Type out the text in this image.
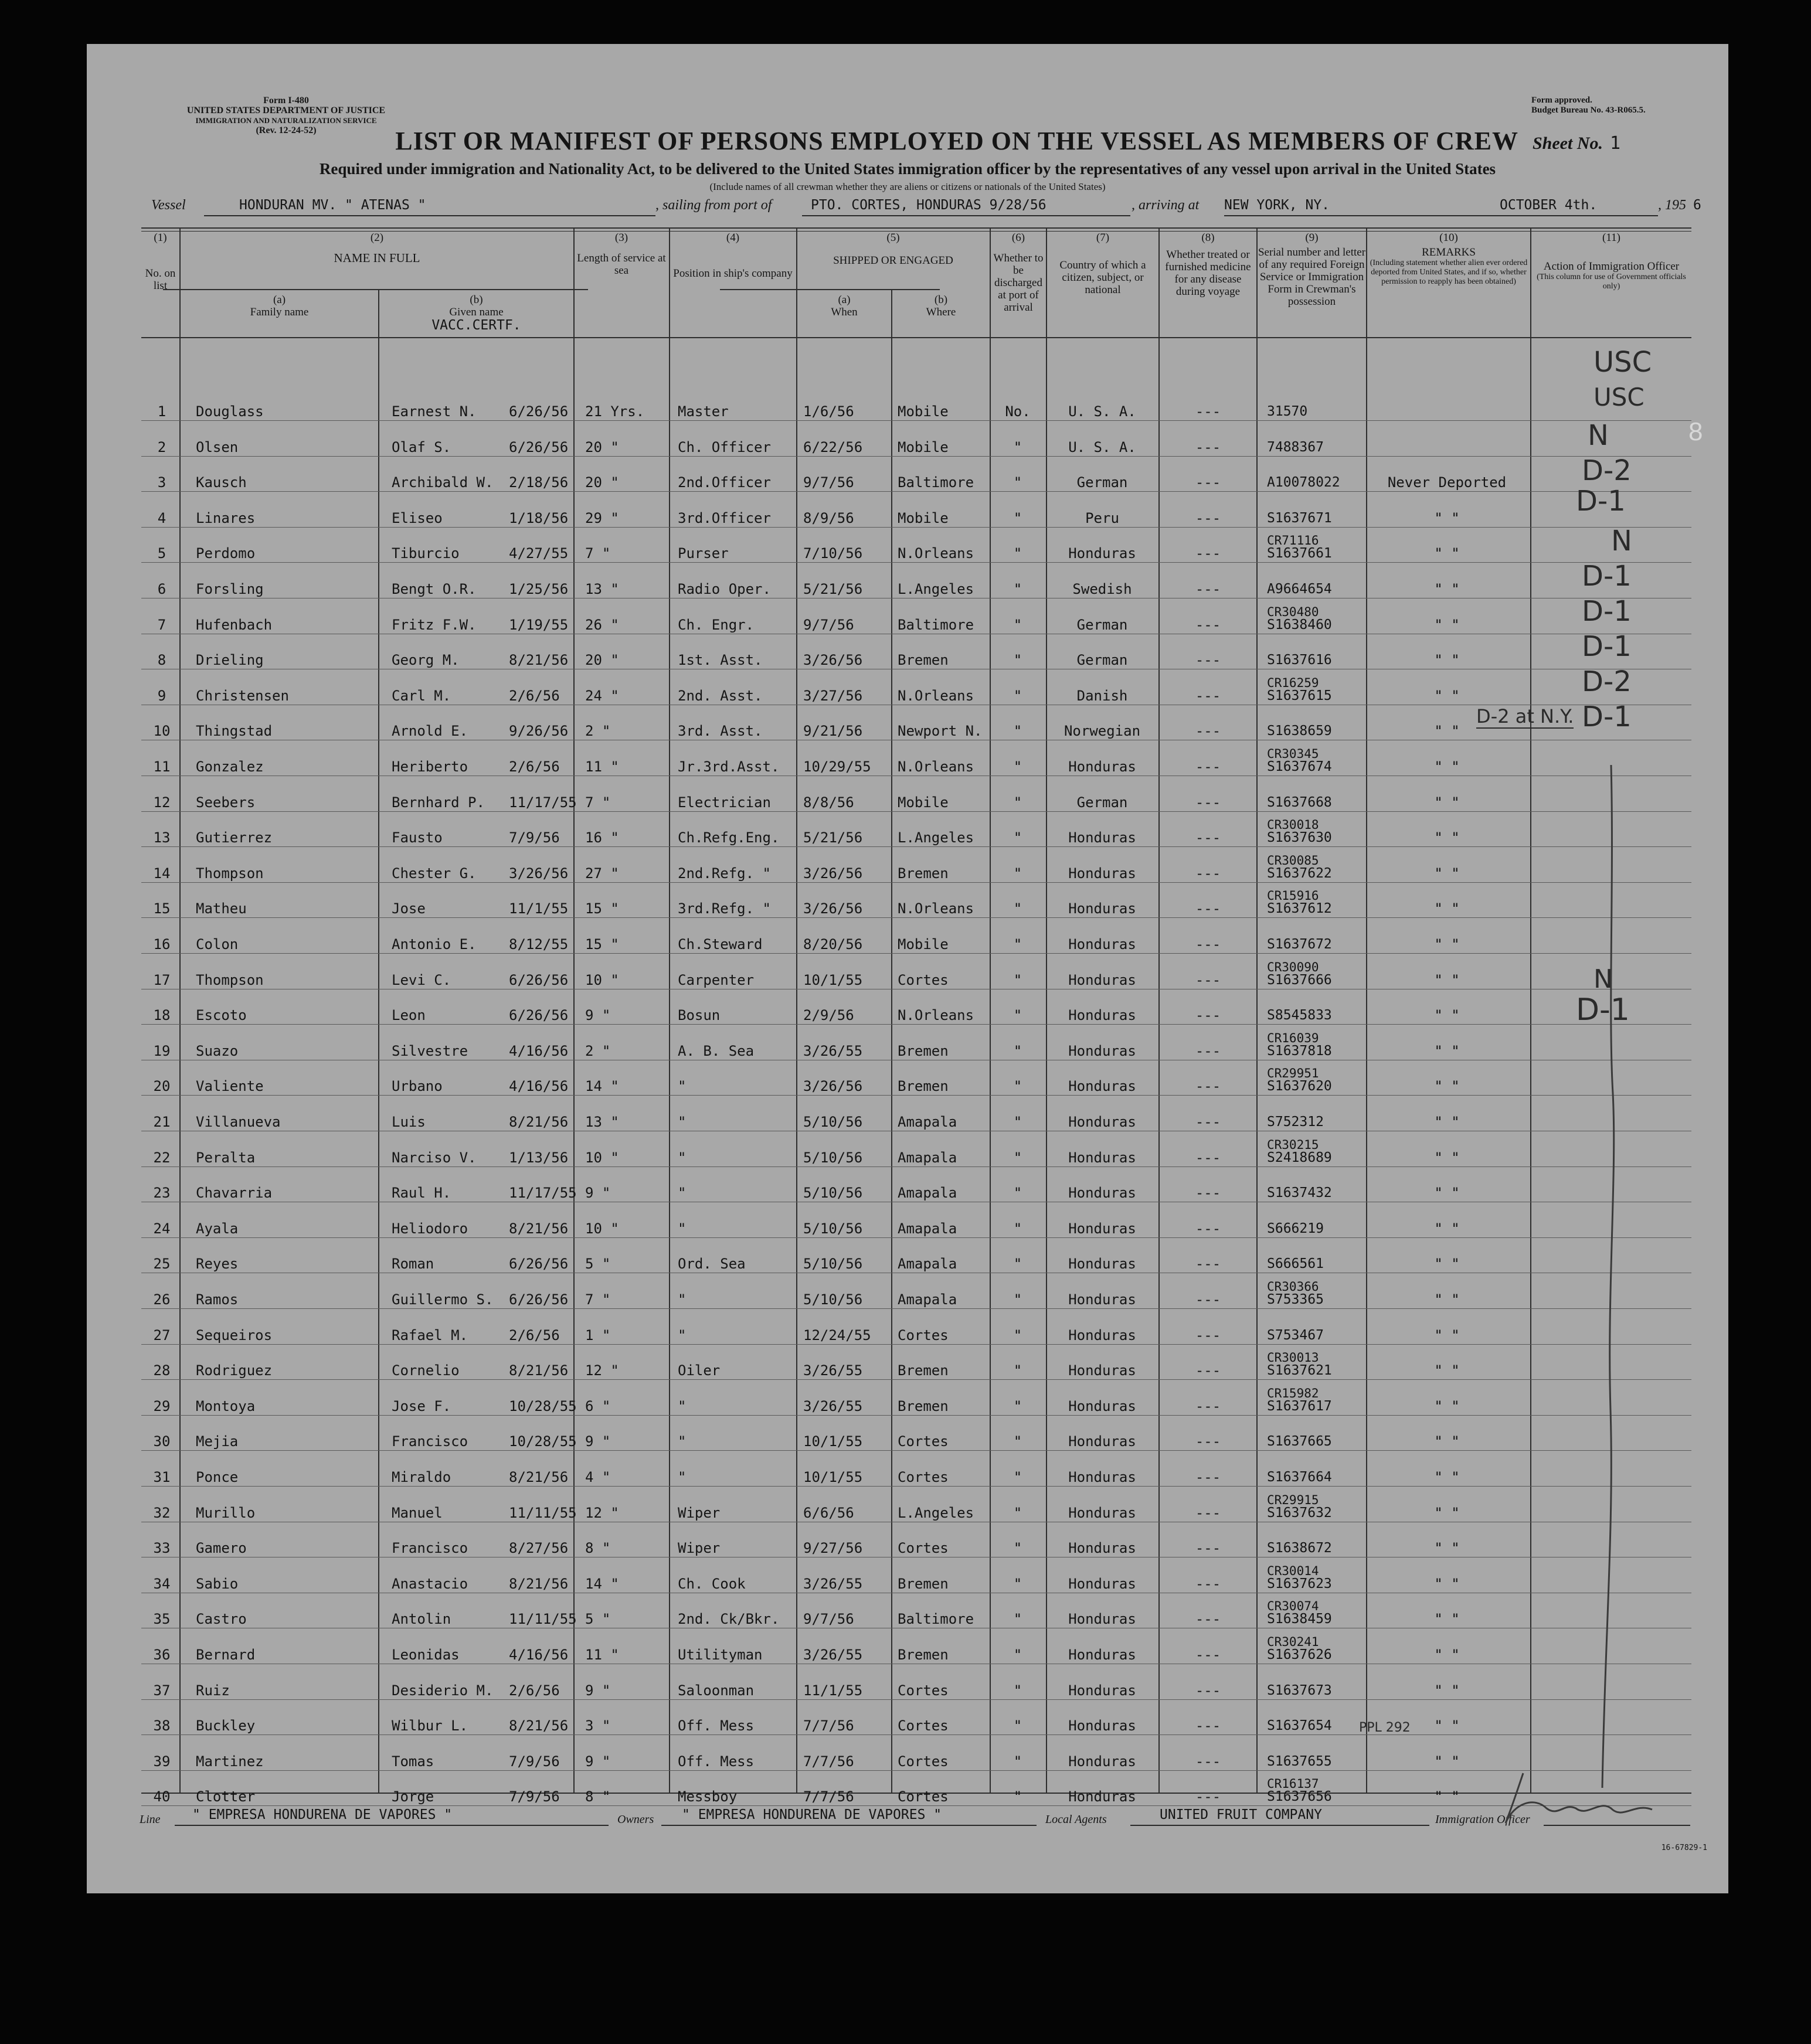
Form I-480
UNITED STATES DEPARTMENT OF JUSTICE
IMMIGRATION AND NATURALIZATION SERVICE
(Rev. 12-24-52)
Form approved.
Budget Bureau No. 43-R065.5.
LIST OR MANIFEST OF PERSONS EMPLOYED ON THE VESSEL AS MEMBERS OF CREW Sheet No. 1
Required under immigration and Nationality Act, to be delivered to the United States immigration officer by the representatives of any vessel upon arrival in the United States
(Include names of all crewman whether they are aliens or citizens or nationals of the United States)
Vessel	HONDURAN MV. " ATENAS "	, sailing from port of	PTO. CORTES, HONDURAS 9/28/56	, arriving at NEW YORK, NY.	OCTOBER 4th.	, 195 6
(1)
No. on list
(2)
NAME IN FULL
(a)
Family name
(b)
Given name
VACC.CERTF.
(3)
Length of service at sea
(4)
Position in ship's company
(5)
SHIPPED OR ENGAGED
(a)
When
(b)
Where
(6)
Whether to be discharged at port of arrival
(7)
Country of which a citizen, subject, or national
(8)
Whether treated or furnished medicine for any disease during voyage
(9)
Serial number and letter of any required Foreign Service or Immigration Form in Crewman's possession
(10)
REMARKS
(Including statement whether alien ever ordered deported from United States, and if so, whether permission to reapply has been obtained)
(11)
Action of Immigration Officer
(This column for use of Government officials only)
1	Douglass	Earnest N.	21 Yrs. Master	1/6/56	Mobile	No.	U. S. A.	---
6/26/56	31570
2	Olsen	Olaf S.	20 "	Ch. Officer 6/22/56 Mobile	"	U. S. A.	---
6/26/56	7488367
3	Kausch	Archibald W.	20 "	2nd.Officer 9/7/56	Baltimore	"	German	---	Never Deported
2/18/56	A10078022
4	Linares	Eliseo	29 "	3rd.Officer 8/9/56	Mobile	"	Peru	---	" "
1/18/56	S1637671
5	Perdomo	Tiburcio	7 "	Purser	7/10/56 N.Orleans	"	Honduras	---	" "
4/27/55
CR71116
S1637661
6	Forsling	Bengt O.R.	13 "	Radio Oper. 5/21/56 L.Angeles	"	Swedish	---	" "
1/25/56	A9664654
7	Hufenbach	Fritz F.W.	26 "	Ch. Engr.	9/7/56	Baltimore	"	German	---	" "
1/19/55
CR30480
S1638460
8	Drieling	Georg M.	20 "	1st. Asst.	3/26/56 Bremen	"	German	---	" "
8/21/56	S1637616
9	Christensen	Carl M.	24 "	2nd. Asst.	3/27/56 N.Orleans	"	Danish	---	" "
2/6/56
CR16259
S1637615
10	Thingstad	Arnold E.	2 "	3rd. Asst.	9/21/56 Newport N.	"	Norwegian	---	" "
9/26/56	S1638659
11	Gonzalez	Heriberto	11 "	Jr.3rd.Asst. 10/29/55 N.Orleans	"	Honduras	---	" "
2/6/56
CR30345
S1637674
12	Seebers	Bernhard P.	7 "	Electrician 8/8/56	Mobile	"	German	---	" "
11/17/55	S1637668
13	Gutierrez	Fausto	16 "	Ch.Refg.Eng. 5/21/56 L.Angeles	"	Honduras	---	" "
7/9/56
CR30018
S1637630
14	Thompson	Chester G.	27 "	2nd.Refg. " 3/26/56 Bremen	"	Honduras	---	" "
3/26/56
CR30085
S1637622
15	Matheu	Jose	15 "	3rd.Refg. " 3/26/56 N.Orleans	"	Honduras	---	" "
11/1/55
CR15916
S1637612
16	Colon	Antonio E.	15 "	Ch.Steward	8/20/56 Mobile	"	Honduras	---	" "
8/12/55	S1637672
17	Thompson	Levi C.	10 "	Carpenter	10/1/55 Cortes	"	Honduras	---	" "
6/26/56
CR30090
S1637666
18	Escoto	Leon	9 "	Bosun	2/9/56	N.Orleans	"	Honduras	---	" "
6/26/56	S8545833
19	Suazo	Silvestre	2 "	A. B. Sea	3/26/55 Bremen	"	Honduras	---	" "
4/16/56
CR16039
S1637818
20	Valiente	Urbano	14 "	"	3/26/56 Bremen	"	Honduras	---	" "
4/16/56
CR29951
S1637620
21	Villanueva	Luis	13 "	"	5/10/56 Amapala	"	Honduras	---	" "
8/21/56	S752312
22	Peralta	Narciso V.	10 "	"	5/10/56 Amapala	"	Honduras	---	" "
1/13/56
CR30215
S2418689
23	Chavarria	Raul H.	9 "	"	5/10/56 Amapala	"	Honduras	---	" "
11/17/55	S1637432
24	Ayala	Heliodoro	10 "	"	5/10/56 Amapala	"	Honduras	---	" "
8/21/56	S666219
25	Reyes	Roman	5 "	Ord. Sea	5/10/56 Amapala	"	Honduras	---	" "
6/26/56	S666561
26	Ramos	Guillermo S.	7 "	"	5/10/56 Amapala	"	Honduras	---	" "
6/26/56
CR30366
S753365
27	Sequeiros	Rafael M.	1 "	"	12/24/55 Cortes	"	Honduras	---	" "
2/6/56	S753467
28	Rodriguez	Cornelio	12 "	Oiler	3/26/55 Bremen	"	Honduras	---	" "
8/21/56
CR30013
S1637621
29	Montoya	Jose F.	6 "	"	3/26/55 Bremen	"	Honduras	---	" "
10/28/55
CR15982
S1637617
30	Mejia	Francisco	9 "	"	10/1/55 Cortes	"	Honduras	---	" "
10/28/55	S1637665
31	Ponce	Miraldo	4 "	"	10/1/55 Cortes	"	Honduras	---	" "
8/21/56	S1637664
32	Murillo	Manuel	12 "	Wiper	6/6/56	L.Angeles	"	Honduras	---	" "
11/11/55
CR29915
S1637632
33	Gamero	Francisco	8 "	Wiper	9/27/56 Cortes	"	Honduras	---	" "
8/27/56	S1638672
34	Sabio	Anastacio	14 "	Ch. Cook	3/26/55 Bremen	"	Honduras	---	" "
8/21/56
CR30014
S1637623
35	Castro	Antolin	5 "	2nd. Ck/Bkr. 9/7/56	Baltimore	"	Honduras	---	" "
11/11/55
CR30074
S1638459
36	Bernard	Leonidas	11 "	Utilityman	3/26/55 Bremen	"	Honduras	---	" "
4/16/56
CR30241
S1637626
37	Ruiz	Desiderio M.	9 "	Saloonman	11/1/55 Cortes	"	Honduras	---	" "
2/6/56	S1637673
38	Buckley	Wilbur L.	3 "	Off. Mess	7/7/56	Cortes	"	Honduras	---	" "
8/21/56	S1637654
39	Martinez	Tomas	9 "	Off. Mess	7/7/56	Cortes	"	Honduras	---	" "
7/9/56	S1637655
40	Clotter	Jorge	8 "	Messboy	7/7/56	Cortes	"	Honduras	---	" "
7/9/56
CR16137
S1637656
USC
USC
N
D-2
D-1
N
D-1
D-1
D-1
D-2
D-1
D-2 at N.Y.
N
D-1
PPL 292
Line " EMPRESA HONDURENA DE VAPORES "	Owners " EMPRESA HONDURENA DE VAPORES "	Local Agents	UNITED FRUIT COMPANY	Immigration Officer
16-67829-1
8
